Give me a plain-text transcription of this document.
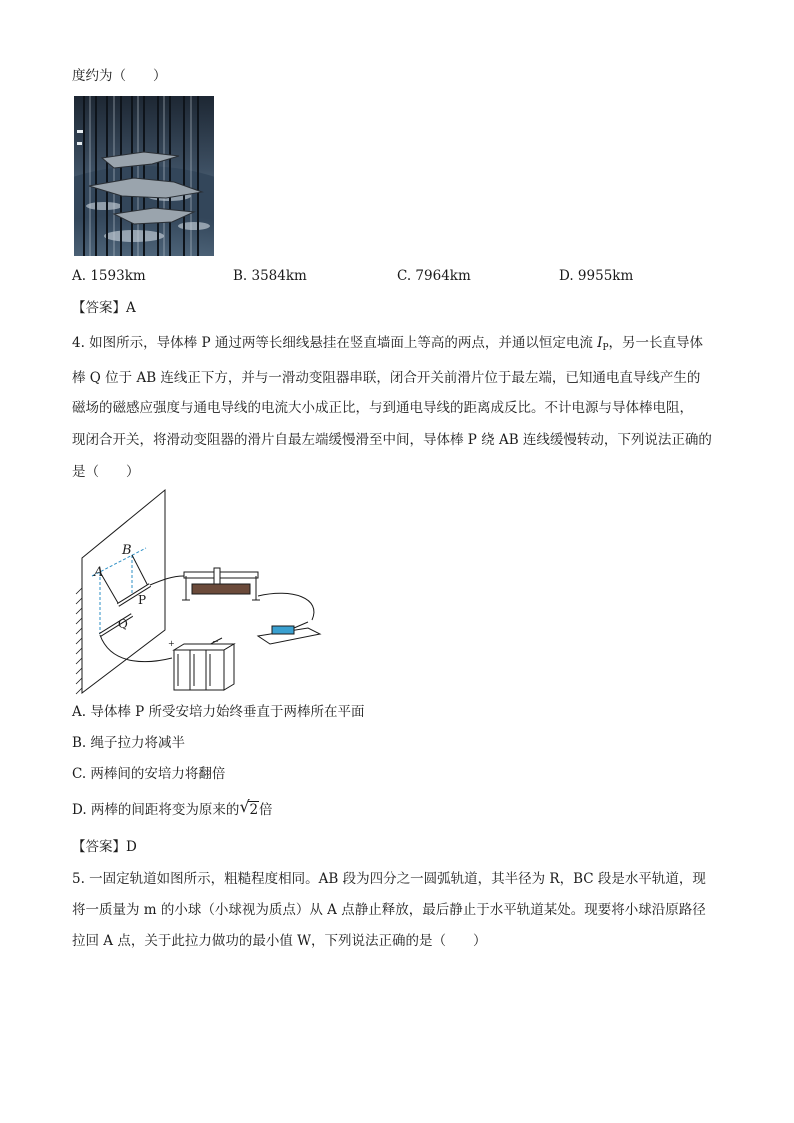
度约为（　　）
A. 1593km	B. 3584km	C. 7964km	D. 9955km
【答案】A
4. 如图所示，导体棒 P 通过两等长细线悬挂在竖直墙面上等高的两点，并通以恒定电流 $I_P$，另一长直导体
棒 Q 位于 AB 连线正下方，并与一滑动变阻器串联，闭合开关前滑片位于最左端，已知通电直导线产生的
磁场的磁感应强度与通电导线的电流大小成正比，与到通电导线的距离成反比。不计电源与导体棒电阻，
现闭合开关，将滑动变阻器的滑片自最左端缓慢滑至中间，导体棒 P 绕 AB 连线缓慢转动，下列说法正确的
是（　　）
+	−
A
B
P
Q
A. 导体棒 P 所受安培力始终垂直于两棒所在平面
B. 绳子拉力将减半
C. 两棒间的安培力将翻倍
D. 两棒的间距将变为原来的 √ 2倍
【答案】D
5. 一固定轨道如图所示，粗糙程度相同。AB 段为四分之一圆弧轨道，其半径为 R，BC 段是水平轨道，现
将一质量为 m 的小球（小球视为质点）从 A 点静止释放，最后静止于水平轨道某处。现要将小球沿原路径
拉回 A 点，关于此拉力做功的最小值 W，下列说法正确的是（　　）
